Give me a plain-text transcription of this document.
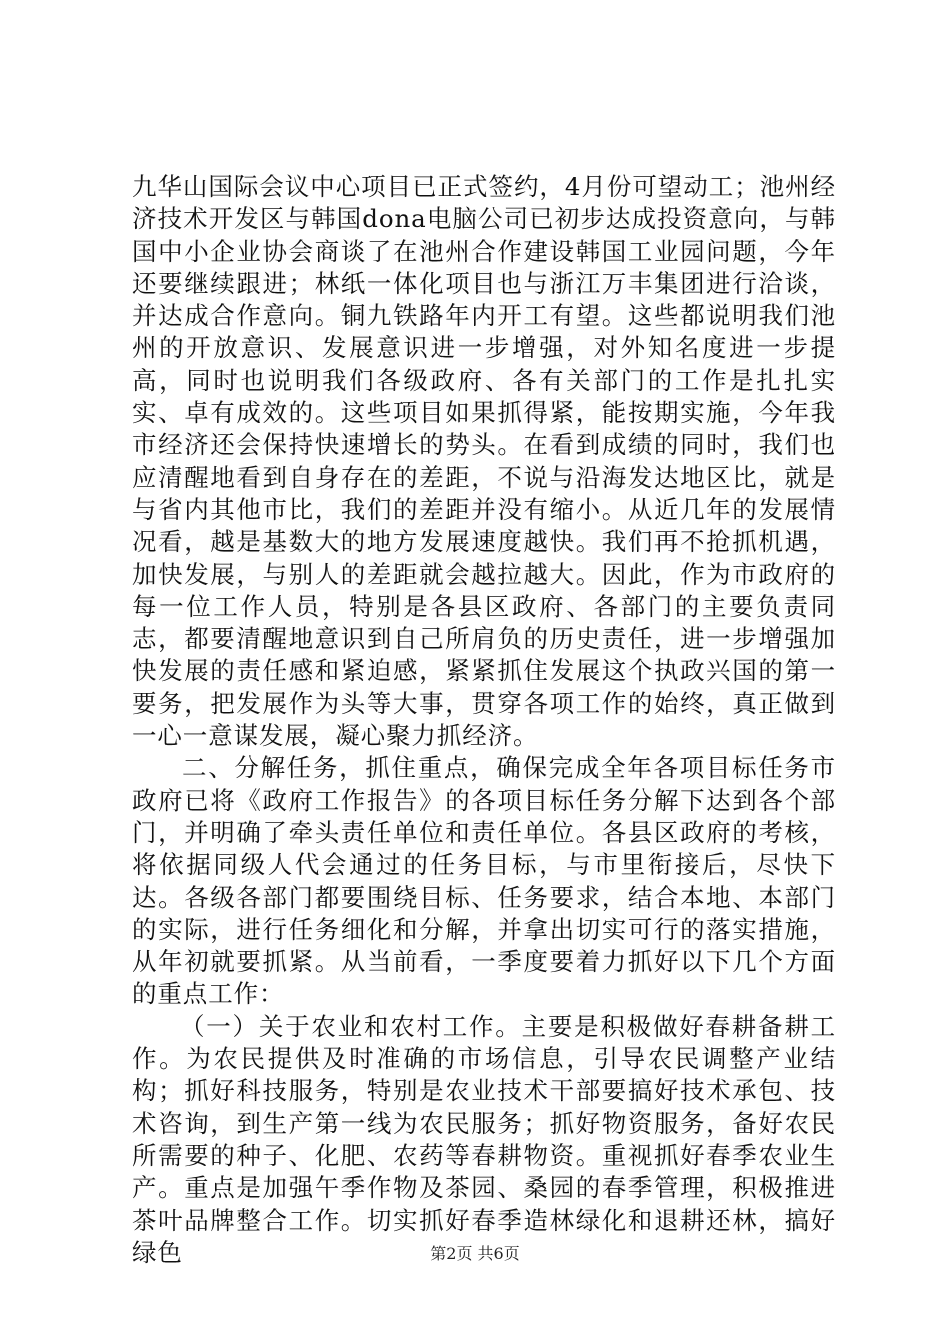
九华山国际会议中心项目已正式签约，4月份可望动工；池州经济技术开发区与韩国dona电脑公司已初步达成投资意向，与韩国中小企业协会商谈了在池州合作建设韩国工业园问题，今年还要继续跟进；林纸一体化项目也与浙江万丰集团进行洽谈，并达成合作意向。铜九铁路年内开工有望。这些都说明我们池州的开放意识、发展意识进一步增强，对外知名度进一步提高，同时也说明我们各级政府、各有关部门的工作是扎扎实实、卓有成效的。这些项目如果抓得紧，能按期实施，今年我市经济还会保持快速增长的势头。在看到成绩的同时，我们也应清醒地看到自身存在的差距，不说与沿海发达地区比，就是与省内其他市比，我们的差距并没有缩小。从近几年的发展情况看，越是基数大的地方发展速度越快。我们再不抢抓机遇，加快发展，与别人的差距就会越拉越大。因此，作为市政府的每一位工作人员，特别是各县区政府、各部门的主要负责同志，都要清醒地意识到自己所肩负的历史责任，进一步增强加快发展的责任感和紧迫感，紧紧抓住发展这个执政兴国的第一要务，把发展作为头等大事，贯穿各项工作的始终，真正做到一心一意谋发展，凝心聚力抓经济。

二、分解任务，抓住重点，确保完成全年各项目标任务市政府已将《政府工作报告》的各项目标任务分解下达到各个部门，并明确了牵头责任单位和责任单位。各县区政府的考核，将依据同级人代会通过的任务目标，与市里衔接后，尽快下达。各级各部门都要围绕目标、任务要求，结合本地、本部门的实际，进行任务细化和分解，并拿出切实可行的落实措施，从年初就要抓紧。从当前看，一季度要着力抓好以下几个方面的重点工作：

（一）关于农业和农村工作。主要是积极做好春耕备耕工作。为农民提供及时准确的市场信息，引导农民调整产业结构；抓好科技服务，特别是农业技术干部要搞好技术承包、技术咨询，到生产第一线为农民服务；抓好物资服务，备好农民所需要的种子、化肥、农药等春耕物资。重视抓好春季农业生产。重点是加强午季作物及茶园、桑园的春季管理，积极推进茶叶品牌整合工作。切实抓好春季造林绿化和退耕还林，搞好绿色	第2页 共6页
